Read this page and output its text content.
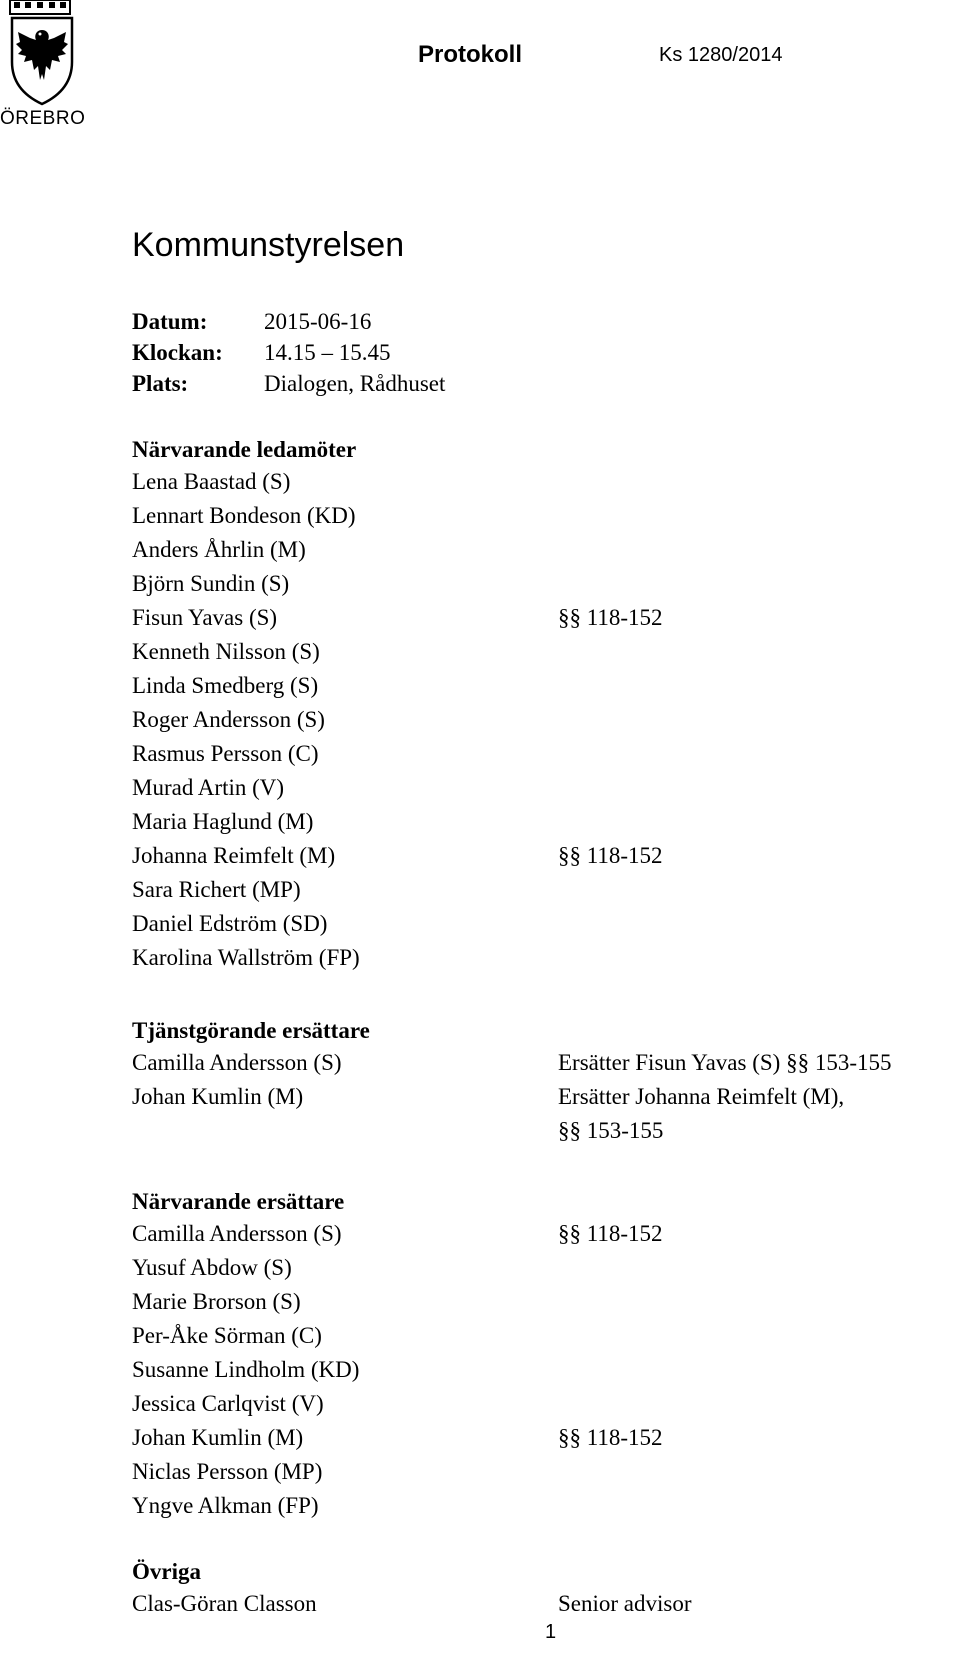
ÖREBRO
Protokoll	Ks 1280/2014
Kommunstyrelsen
Datum: 2015-06-16
Klockan: 14.15 – 15.45
Plats:	Dialogen, Rådhuset
Närvarande ledamöter
Lena Baastad (S)
Lennart Bondeson (KD)
Anders Åhrlin (M)
Björn Sundin (S)
Fisun Yavas (S)	§§ 118-152
Kenneth Nilsson (S)
Linda Smedberg (S)
Roger Andersson (S)
Rasmus Persson (C)
Murad Artin (V)
Maria Haglund (M)
Johanna Reimfelt (M)	§§ 118-152
Sara Richert (MP)
Daniel Edström (SD)
Karolina Wallström (FP)
Tjänstgörande ersättare
Camilla Andersson (S)	Ersätter Fisun Yavas (S) §§ 153-155
Johan Kumlin (M)	Ersätter Johanna Reimfelt (M),
§§ 153-155
Närvarande ersättare
Camilla Andersson (S)	§§ 118-152
Yusuf Abdow (S)
Marie Brorson (S)
Per-Åke Sörman (C)
Susanne Lindholm (KD)
Jessica Carlqvist (V)
Johan Kumlin (M)	§§ 118-152
Niclas Persson (MP)
Yngve Alkman (FP)
Övriga
Clas-Göran Classon	Senior advisor
1
